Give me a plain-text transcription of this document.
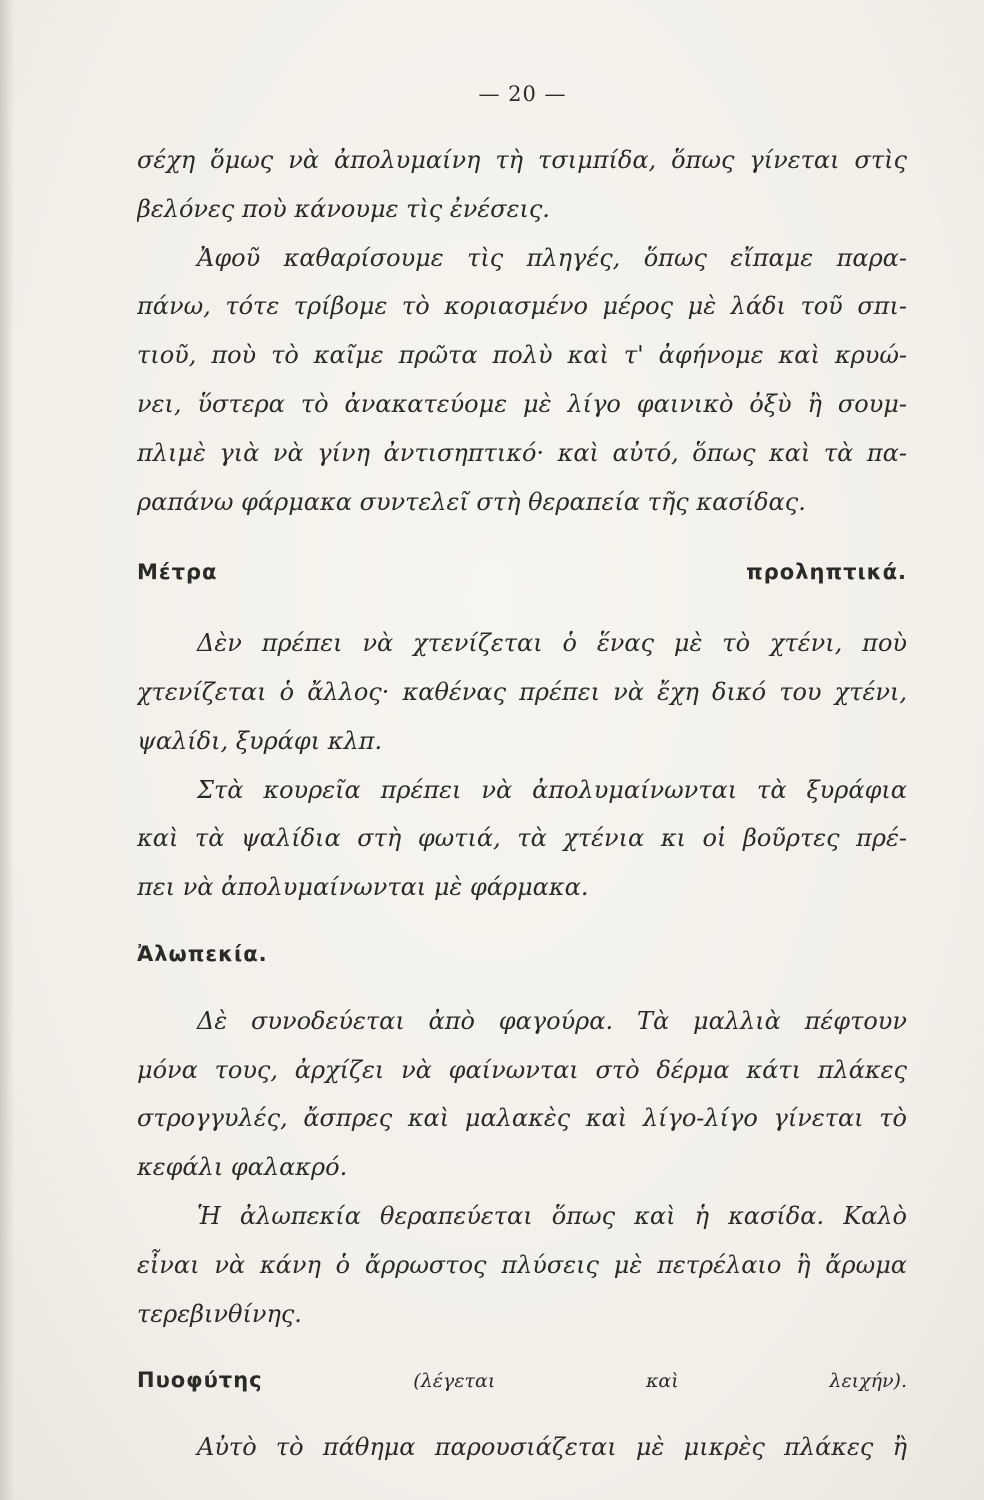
— 20 —
σέχη ὅμως νὰ ἀπολυμαίνη τὴ τσιμπίδα, ὅπως γίνεται στὶς
βελόνες ποὺ κάνουμε τὶς ἐνέσεις.
Ἀφοῦ καθαρίσουμε τὶς πληγές, ὅπως εἴπαμε παρα-
πάνω, τότε τρίβομε τὸ κοριασμένο μέρος μὲ λάδι τοῦ σπι-
τιοῦ, ποὺ τὸ καῖμε πρῶτα πολὺ καὶ τ' ἀφήνομε καὶ κρυώ-
νει, ὕστερα τὸ ἀνακατεύομε μὲ λίγο φαινικὸ ὀξὺ ἢ σουμ-
πλιμὲ γιὰ νὰ γίνη ἀντισηπτικό· καὶ αὐτό, ὅπως καὶ τὰ πα-
ραπάνω φάρμακα συντελεῖ στὴ θεραπεία τῆς κασίδας.
Μέτρα προληπτικά.
Δὲν πρέπει νὰ χτενίζεται ὁ ἕνας μὲ τὸ χτένι, ποὺ
χτενίζεται ὁ ἄλλος· καθένας πρέπει νὰ ἔχη δικό του χτένι,
ψαλίδι, ξυράφι κλπ.
Στὰ κουρεῖα πρέπει νὰ ἀπολυμαίνωνται τὰ ξυράφια
καὶ τὰ ψαλίδια στὴ φωτιά, τὰ χτένια κι οἱ βοῦρτες πρέ-
πει νὰ ἀπολυμαίνωνται μὲ φάρμακα.
Ἀλωπεκία.
Δὲ συνοδεύεται ἀπὸ φαγούρα. Τὰ μαλλιὰ πέφτουν
μόνα τους, ἀρχίζει νὰ φαίνωνται στὸ δέρμα κάτι πλάκες
στρογγυλές, ἄσπρες καὶ μαλακὲς καὶ λίγο-λίγο γίνεται τὸ
κεφάλι φαλακρό.
Ἡ ἀλωπεκία θεραπεύεται ὅπως καὶ ἡ κασίδα. Καλὸ
εἶναι νὰ κάνη ὁ ἄρρωστος πλύσεις μὲ πετρέλαιο ἢ ἄρωμα
τερεβινθίνης.
Πυοφύτης (λέγεται καὶ λειχήν).
Αὐτὸ τὸ πάθημα παρουσιάζεται μὲ μικρὲς πλάκες ἢ
